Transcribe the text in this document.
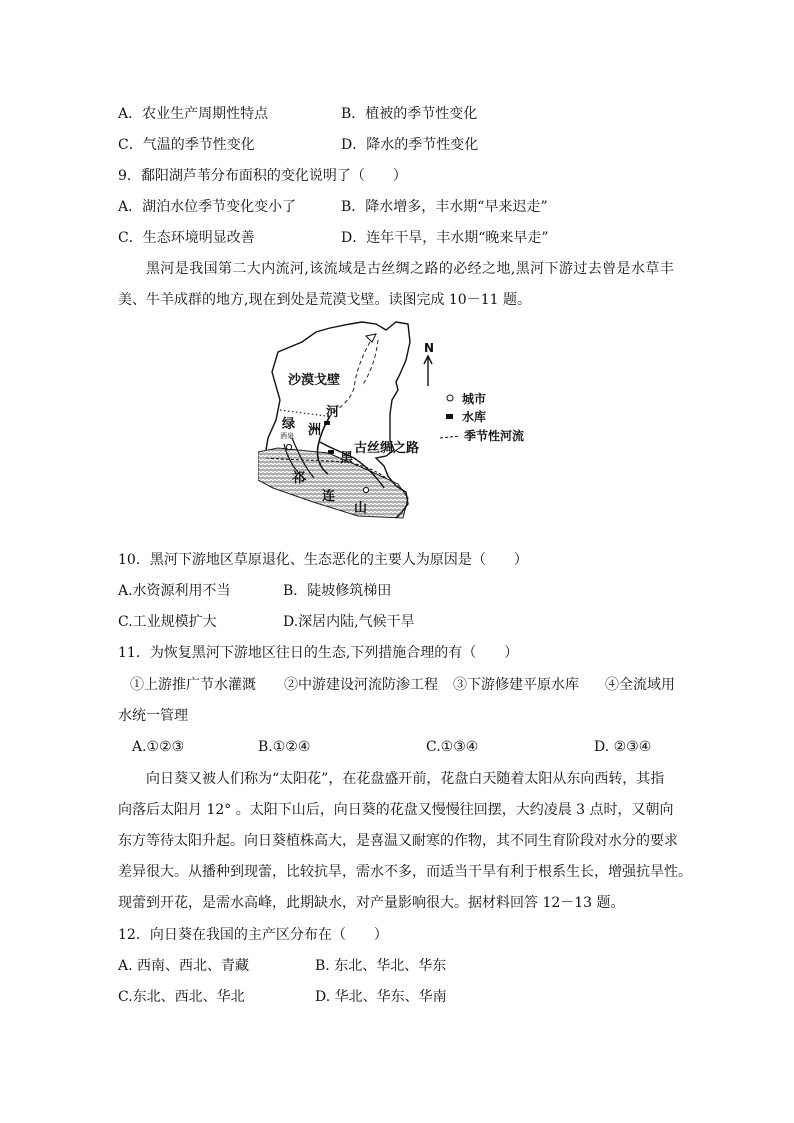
A．农业生产周期性特点	B．植被的季节性变化
C．气温的季节性变化	D．降水的季节性变化
9．鄱阳湖芦苇分布面积的变化说明了（　　）
A．湖泊水位季节变化变小了	B．降水增多，丰水期“早来迟走”
C．生态环境明显改善	D．连年干旱，丰水期“晚来早走”
黑河是我国第二大内流河,该流域是古丝绸之路的必经之地,黑河下游过去曾是水草丰
美、牛羊成群的地方,现在到处是荒漠戈壁。读图完成 10－11 题。
沙漠戈壁
河
绿 洲
酒泉
黑
古丝绸之路
祁
连
山
N
城市
水库
季节性河流
10．黑河下游地区草原退化、生态恶化的主要人为原因是（　　）
A.水资源利用不当	B．陡坡修筑梯田
C.工业规模扩大	D.深居内陆,气候干旱
11．为恢复黑河下游地区往日的生态,下列措施合理的有（　　）
①上游推广节水灌溉 ②中游建设河流防渗工程 ③下游修建平原水库 ④全流域用
水统一管理
A.①②③	B.①②④	C.①③④	D. ②③④
向日葵又被人们称为“太阳花”，在花盘盛开前，花盘白天随着太阳从东向西转，其指
向落后太阳月 12° 。太阳下山后，向日葵的花盘又慢慢往回摆，大约凌晨 3 点时，又朝向
东方等待太阳升起。向日葵植株高大，是喜温又耐寒的作物，其不同生育阶段对水分的要求
差异很大。从播种到现蕾，比较抗旱，需水不多，而适当干旱有利于根系生长，增强抗旱性。
现蕾到开花，是需水高峰，此期缺水，对产量影响很大。据材料回答 12－13 题。
12．向日葵在我国的主产区分布在（　　）
A. 西南、西北、青藏	B. 东北、华北、华东
C.东北、西北、华北	D. 华北、华东、华南
